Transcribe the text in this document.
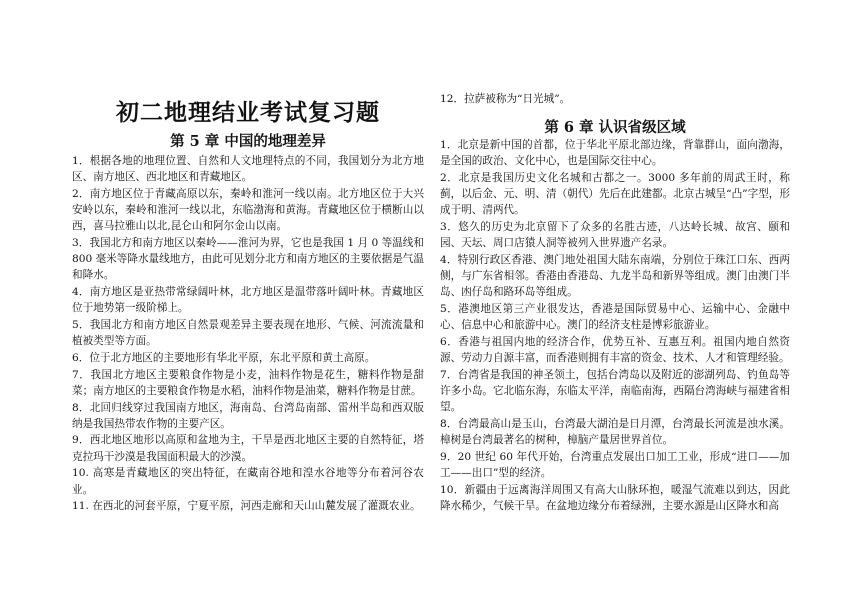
初二地理结业考试复习题
第 5 章 中国的地理差异

1．根据各地的地理位置、自然和人文地理特点的不同，我国划分为北方地区、南方地区、西北地区和青藏地区。

2．南方地区位于青藏高原以东，秦岭和淮河一线以南。北方地区位于大兴安岭以东，秦岭和淮河一线以北，东临渤海和黄海。青藏地区位于横断山以西，喜马拉雅山以北,昆仑山和阿尔金山以南。

3．我国北方和南方地区以秦岭——淮河为界，它也是我国 1 月 0 等温线和 800 毫米等降水量线地方，由此可见划分北方和南方地区的主要依据是气温和降水。

4．南方地区是亚热带常绿阔叶林，北方地区是温带落叶阔叶林。青藏地区位于地势第一级阶梯上。

5．我国北方和南方地区自然景观差异主要表现在地形、气候、河流流量和植被类型等方面。

6．位于北方地区的主要地形有华北平原，东北平原和黄土高原。

7．我国北方地区主要粮食作物是小麦，油料作物是花生，糖料作物是甜菜；南方地区的主要粮食作物是水稻，油料作物是油菜，糖料作物是甘蔗。

8．北回归线穿过我国南方地区，海南岛、台湾岛南部、雷州半岛和西双版纳是我国热带农作物的主要产区。

9．西北地区地形以高原和盆地为主，干旱是西北地区主要的自然特征，塔克拉玛干沙漠是我国面积最大的沙漠。

10. 高寒是青藏地区的突出特征，在藏南谷地和湟水谷地等分布着河谷农业。

11. 在西北的河套平原，宁夏平原，河西走廊和天山山麓发展了灌溉农业。

12．拉萨被称为“日光城”。

第 6 章 认识省级区域

1．北京是新中国的首都，位于华北平原北部边缘，背靠群山，面向渤海，是全国的政治、文化中心，也是国际交往中心。

2．北京是我国历史文化名城和古都之一。3000 多年前的周武王时，称蓟，以后金、元、明、清（朝代）先后在此建都。北京古城呈“凸”字型，形成于明、清两代。

3．悠久的历史为北京留下了众多的名胜古迹，八达岭长城、故宫、颐和园、天坛、周口店猿人洞等被列入世界遗产名录。

4．特别行政区香港、澳门地处祖国大陆东南端，分别位于珠江口东、西两侧，与广东省相邻。香港由香港岛、九龙半岛和新界等组成。澳门由澳门半岛、凼仔岛和路环岛等组成。

5．港澳地区第三产业很发达，香港是国际贸易中心、运输中心、金融中心、信息中心和旅游中心。澳门的经济支柱是博彩旅游业。

6．香港与祖国内地的经济合作，优势互补、互惠互利。祖国内地自然资源、劳动力自源丰富，而香港则拥有丰富的资金、技术、人才和管理经验。

7．台湾省是我国的神圣领土，包括台湾岛以及附近的澎湖列岛、钓鱼岛等许多小岛。它北临东海，东临太平洋，南临南海，西隔台湾海峡与福建省相望。

8．台湾最高山是玉山，台湾最大湖泊是日月潭，台湾最长河流是浊水溪。樟树是台湾最著名的树种，樟脑产量居世界首位。

9．20 世纪 60 年代开始，台湾重点发展出口加工工业，形成“进口——加工——出口”型的经济。

10．新疆由于远离海洋周围又有高大山脉环抱，暖湿气流难以到达，因此降水稀少，气候干旱。在盆地边缘分布着绿洲，主要水源是山区降水和高
